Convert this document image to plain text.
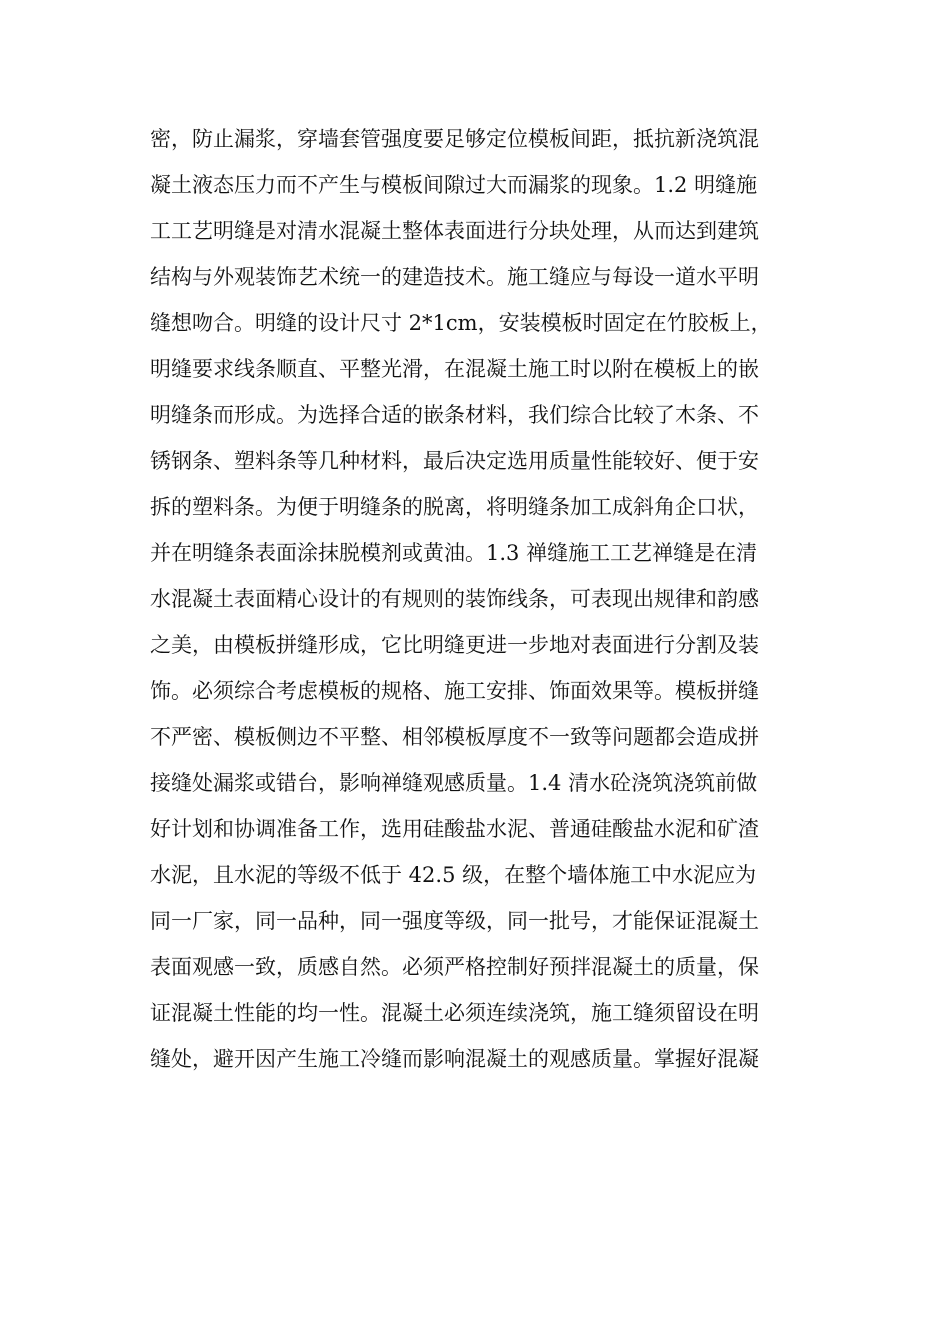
密，防止漏浆，穿墙套管强度要足够定位模板间距，抵抗新浇筑混
凝土液态压力而不产生与模板间隙过大而漏浆的现象。1.2 明缝施
工工艺明缝是对清水混凝土整体表面进行分块处理，从而达到建筑
结构与外观装饰艺术统一的建造技术。施工缝应与每设一道水平明
缝想吻合。明缝的设计尺寸 2*1cm，安装模板时固定在竹胶板上，
明缝要求线条顺直、平整光滑，在混凝土施工时以附在模板上的嵌
明缝条而形成。为选择合适的嵌条材料，我们综合比较了木条、不
锈钢条、塑料条等几种材料，最后决定选用质量性能较好、便于安
拆的塑料条。为便于明缝条的脱离，将明缝条加工成斜角企口状，
并在明缝条表面涂抹脱模剂或黄油。1.3 禅缝施工工艺禅缝是在清
水混凝土表面精心设计的有规则的装饰线条，可表现出规律和韵感
之美，由模板拼缝形成，它比明缝更进一步地对表面进行分割及装
饰。必须综合考虑模板的规格、施工安排、饰面效果等。模板拼缝
不严密、模板侧边不平整、相邻模板厚度不一致等问题都会造成拼
接缝处漏浆或错台，影响禅缝观感质量。1.4 清水砼浇筑浇筑前做
好计划和协调准备工作，选用硅酸盐水泥、普通硅酸盐水泥和矿渣
水泥，且水泥的等级不低于 42.5 级，在整个墙体施工中水泥应为
同一厂家，同一品种，同一强度等级，同一批号，才能保证混凝土
表面观感一致，质感自然。必须严格控制好预拌混凝土的质量，保
证混凝土性能的均一性。混凝土必须连续浇筑，施工缝须留设在明
缝处，避开因产生施工冷缝而影响混凝土的观感质量。掌握好混凝
